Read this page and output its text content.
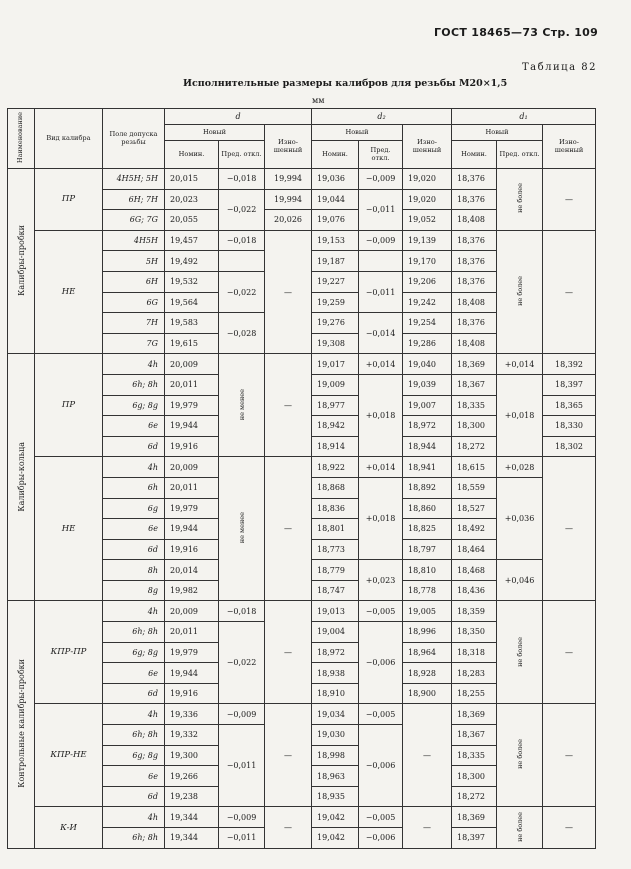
ГОСТ 18465—73 Стр. 109
Таблица 82
Исполнительные размеры калибров для резьбы М20×1,5
мм
Наименование	Вид калибра	Поле допуска резьбы	d			d₂			d₁		
			Новый		Изно-шенный	Новый		Изно-шенный	Новый		Изно-шенный
			Номин.	Пред. откл.		Номин.	Пред. откл.		Номин.	Пред. откл.	
Калибры-пробки	ПР	4H5H; 5H	20,015	−0,018	19,994	19,036	−0,009	19,020	18,376	не более	—
		6H; 7H	20,023	−0,022	19,994	19,044	−0,011	19,020	18,376		
		6G; 7G	20,055		20,026	19,076		19,052	18,408		
	НЕ	4H5H	19,457	−0,018	—	19,153	−0,009	19,139	18,376	не более	—
		5H	19,492			19,187		19,170	18,376		
		6H	19,532	−0,022		19,227	−0,011	19,206	18,376		
		6G	19,564			19,259		19,242	18,408		
		7H	19,583	−0,028		19,276	−0,014	19,254	18,376		
		7G	19,615			19,308		19,286	18,408		
Калибры-кольца	ПР	4h	20,009	не менее	—	19,017	+0,014	19,040	18,369	+0,014	18,392
		6h; 8h	20,011			19,009	+0,018	19,039	18,367	+0,018	18,397
		6g; 8g	19,979			18,977		19,007	18,335		18,365
		6e	19,944			18,942		18,972	18,300		18,330
		6d	19,916			18,914		18,944	18,272		18,302
	НЕ	4h	20,009	не менее	—	18,922	+0,014	18,941	18,615	+0,028	—
		6h	20,011			18,868	+0,018	18,892	18,559	+0,036	
		6g	19,979			18,836		18,860	18,527		
		6e	19,944			18,801		18,825	18,492		
		6d	19,916			18,773		18,797	18,464		
		8h	20,014			18,779	+0,023	18,810	18,468	+0,046	
		8g	19,982			18,747		18,778	18,436		
Контрольные калибры-пробки	КПР-ПР	4h	20,009	−0,018	—	19,013	−0,005	19,005	18,359	не более	—
		6h; 8h	20,011	−0,022		19,004	−0,006	18,996	18,350		
		6g; 8g	19,979			18,972		18,964	18,318		
		6e	19,944			18,938		18,928	18,283		
		6d	19,916			18,910		18,900	18,255		
	КПР-НЕ	4h	19,336	−0,009	—	19,034	−0,005	—	18,369	не более	—
		6h; 8h	19,332	−0,011		19,030	−0,006		18,367		
		6g; 8g	19,300			18,998			18,335		
		6e	19,266			18,963			18,300		
		6d	19,238			18,935			18,272		
	К-И	4h	19,344	−0,009	—	19,042	−0,005	—	18,369	не более	—
		6h; 8h	19,344	−0,011		19,042	−0,006		18,397		
